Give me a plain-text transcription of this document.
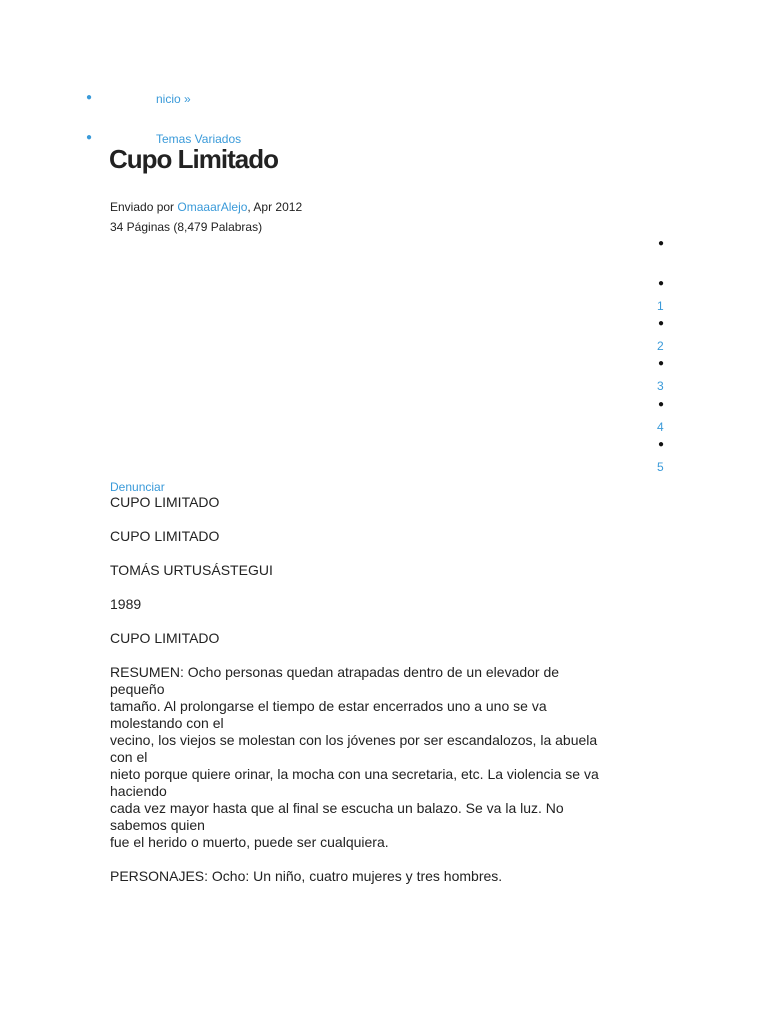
●	nicio »
●	Temas Variados
Cupo Limitado
Enviado por OmaaarAlejo, Apr 2012
34 Páginas (8,479 Palabras)
●
●
1
●
2
●
3
●
4
●
5
Denunciar

CUPO LIMITADO

CUPO LIMITADO

TOMÁS URTUSÁSTEGUI

1989

CUPO LIMITADO

RESUMEN: Ocho personas quedan atrapadas dentro de un elevador de
pequeño
tamaño. Al prolongarse el tiempo de estar encerrados uno a uno se va
molestando con el
vecino, los viejos se molestan con los jóvenes por ser escandalozos, la abuela
con el
nieto porque quiere orinar, la mocha con una secretaria, etc. La violencia se va
haciendo
cada vez mayor hasta que al final se escucha un balazo. Se va la luz. No
sabemos quien
fue el herido o muerto, puede ser cualquiera.

PERSONAJES: Ocho: Un niño, cuatro mujeres y tres hombres.
